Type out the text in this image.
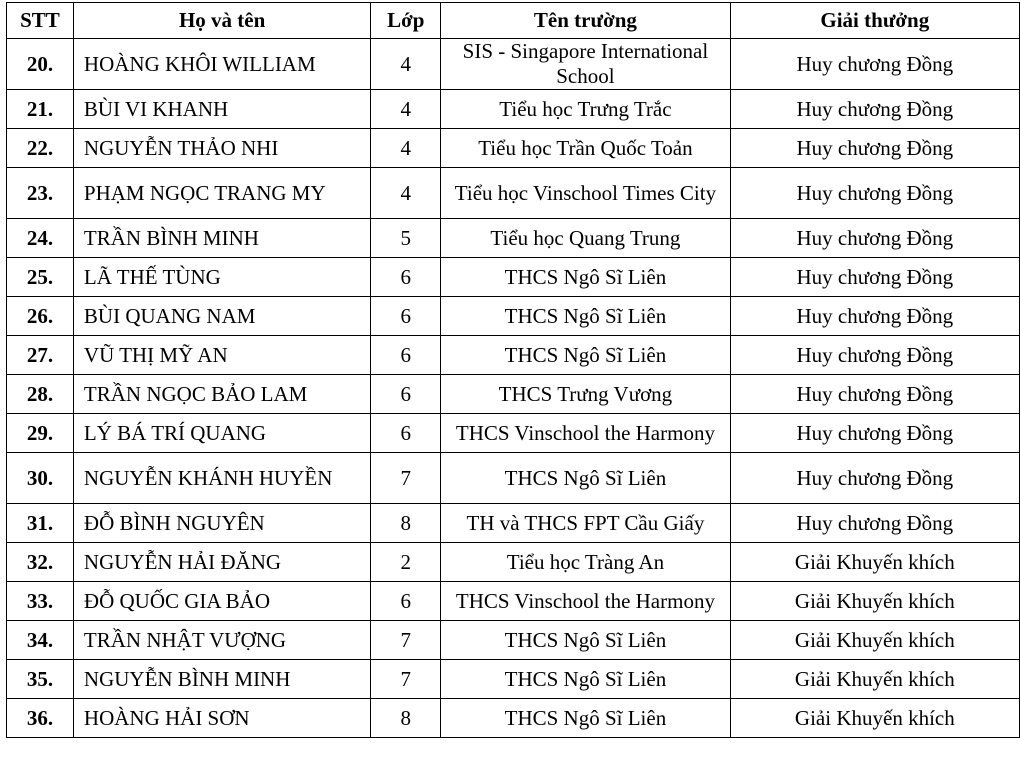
STT	Họ và tên	Lớp	Tên trường	Giải thưởng
20.	HOÀNG KHÔI WILLIAM	4	SIS - Singapore International School	Huy chương Đồng
21.	BÙI VI KHANH	4	Tiểu học Trưng Trắc	Huy chương Đồng
22.	NGUYỄN THẢO NHI	4	Tiểu học Trần Quốc Toản	Huy chương Đồng
23.	PHẠM NGỌC TRANG MY	4	Tiểu học Vinschool Times City	Huy chương Đồng
24.	TRẦN BÌNH MINH	5	Tiểu học Quang Trung	Huy chương Đồng
25.	LÃ THẾ TÙNG	6	THCS Ngô Sĩ Liên	Huy chương Đồng
26.	BÙI QUANG NAM	6	THCS Ngô Sĩ Liên	Huy chương Đồng
27.	VŨ THỊ MỸ AN	6	THCS Ngô Sĩ Liên	Huy chương Đồng
28.	TRẦN NGỌC BẢO LAM	6	THCS Trưng Vương	Huy chương Đồng
29.	LÝ BÁ TRÍ QUANG	6	THCS Vinschool the Harmony	Huy chương Đồng
30.	NGUYỄN KHÁNH HUYỀN	7	THCS Ngô Sĩ Liên	Huy chương Đồng
31.	ĐỖ BÌNH NGUYÊN	8	TH và THCS FPT Cầu Giấy	Huy chương Đồng
32.	NGUYỄN HẢI ĐĂNG	2	Tiểu học Tràng An	Giải Khuyến khích
33.	ĐỖ QUỐC GIA BẢO	6	THCS Vinschool the Harmony	Giải Khuyến khích
34.	TRẦN NHẬT VƯỢNG	7	THCS Ngô Sĩ Liên	Giải Khuyến khích
35.	NGUYỄN BÌNH MINH	7	THCS Ngô Sĩ Liên	Giải Khuyến khích
36.	HOÀNG HẢI SƠN	8	THCS Ngô Sĩ Liên	Giải Khuyến khích
